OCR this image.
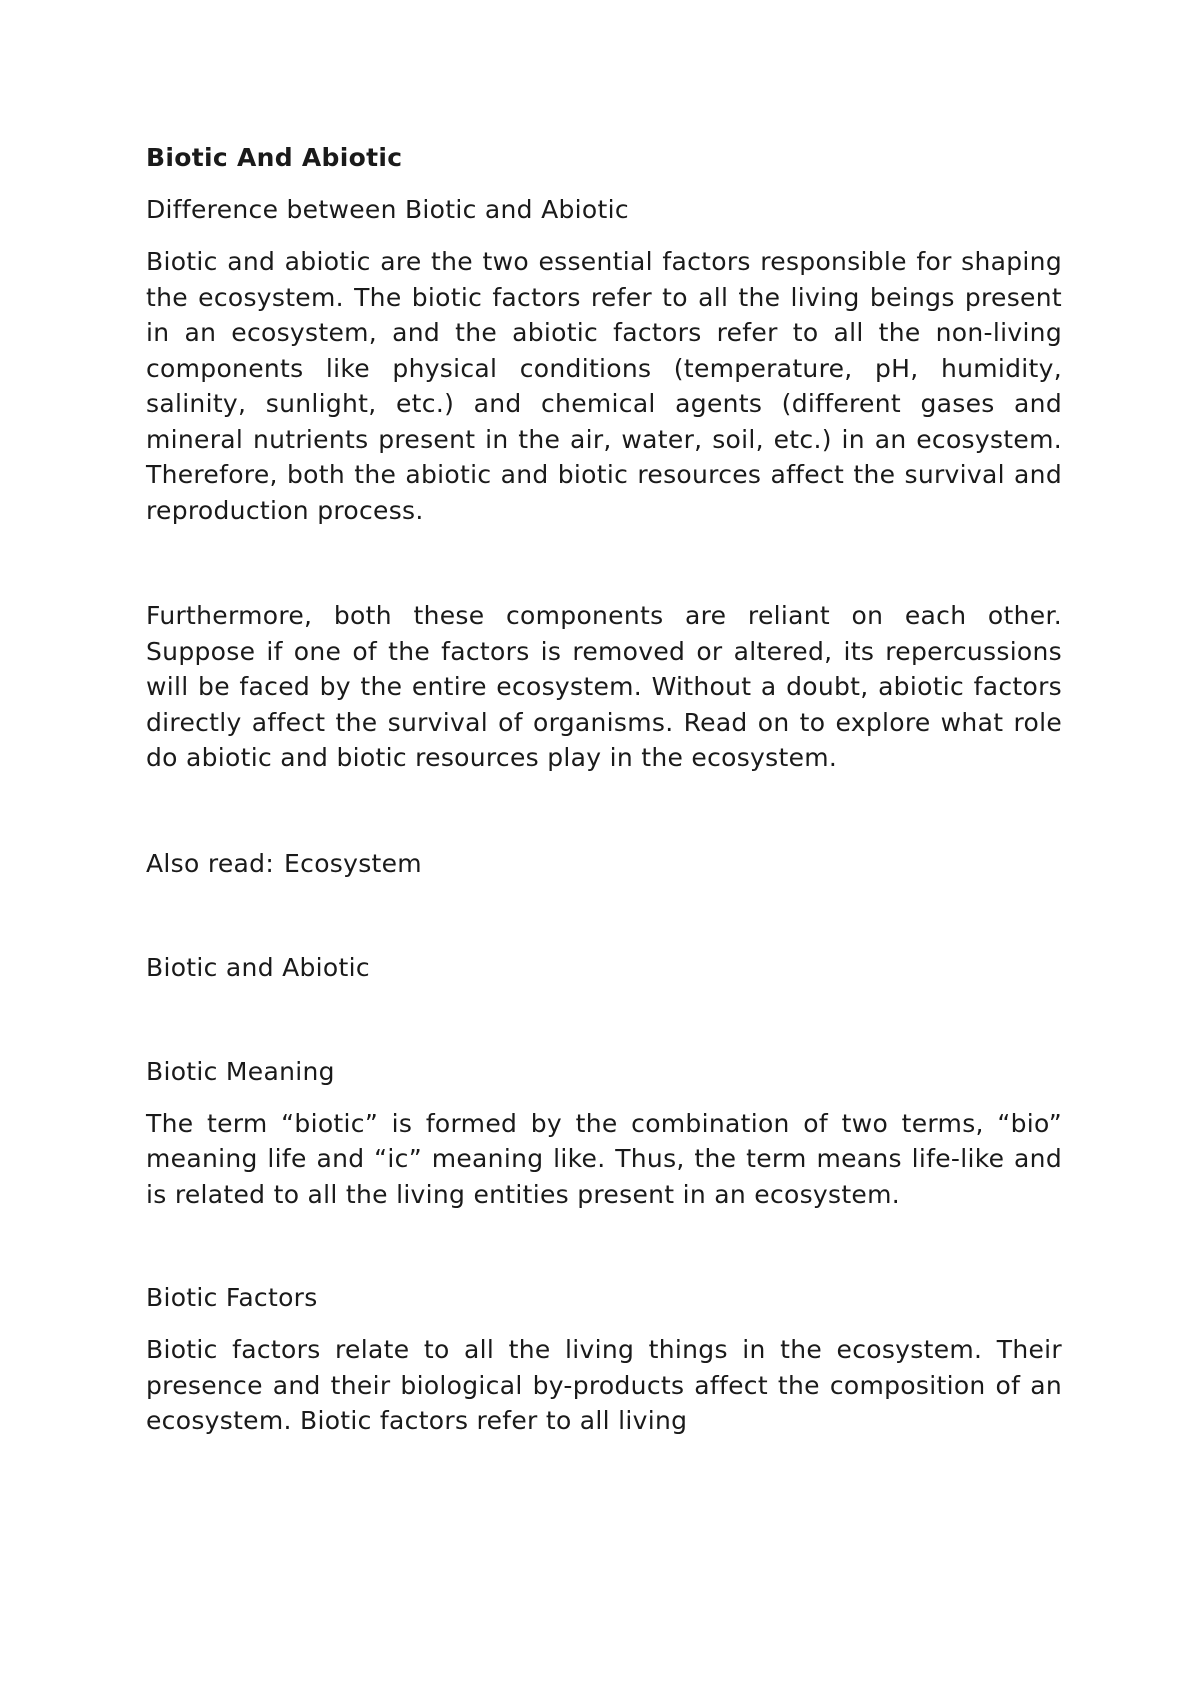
Biotic And Abiotic

Difference between Biotic and Abiotic

Biotic and abiotic are the two essential factors responsible for shaping the ecosystem. The biotic factors refer to all the living beings present in an ecosystem, and the abiotic factors refer to all the non-living components like physical conditions (temperature, pH, humidity, salinity, sunlight, etc.) and chemical agents (different gases and mineral nutrients present in the air, water, soil, etc.) in an ecosystem. Therefore, both the abiotic and biotic resources affect the survival and reproduction process.

Furthermore, both these components are reliant on each other. Suppose if one of the factors is removed or altered, its repercussions will be faced by the entire ecosystem. Without a doubt, abiotic factors directly affect the survival of organisms. Read on to explore what role do abiotic and biotic resources play in the ecosystem.

Also read: Ecosystem

Biotic and Abiotic

Biotic Meaning

The term “biotic” is formed by the combination of two terms, “bio” meaning life and “ic” meaning like. Thus, the term means life-like and is related to all the living entities present in an ecosystem.

Biotic Factors

Biotic factors relate to all the living things in the ecosystem. Their presence and their biological by-products affect the composition of an ecosystem. Biotic factors refer to all living
